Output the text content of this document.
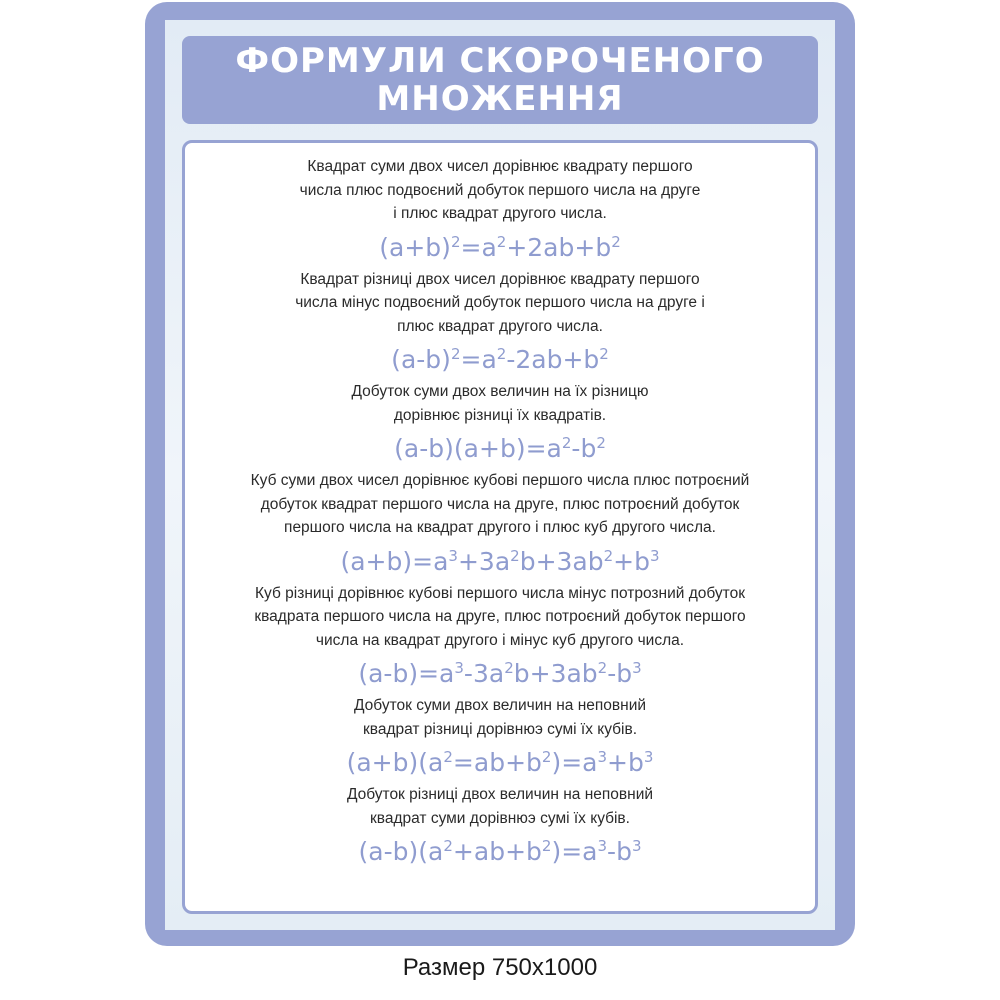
ФОРМУЛИ СКОРОЧЕНОГО
МНОЖЕННЯ
Квадрат суми двох чисел дорівнює квадрату першого
числа плюс подвоєний добуток першого числа на друге
і плюс квадрат другого числа.
$(a+b)^2=a^2+2ab+b^2$
Квадрат різниці двох чисел дорівнює квадрату першого
числа мінус подвоєний добуток першого числа на друге і
плюс квадрат другого числа.
$(a-b)^2=a^2-2ab+b^2$
Добуток суми двох величин на їх різницю
дорівнює різниці їх квадратів.
$(a-b)(a+b)=a^2-b^2$
Куб суми двох чисел дорівнює кубові першого числа плюс потроєний
добуток квадрат першого числа на друге, плюс потроєний добуток
першого числа на квадрат другого і плюс куб другого числа.
$(a+b)=a^3+3a^2b+3ab^2+b^3$
Куб різниці дорівнює кубові першого числа мінус потрозний добуток
квадрата першого числа на друге, плюс потроєний добуток першого
числа на квадрат другого і мінус куб другого числа.
$(a-b)=a^3-3a^2b+3ab^2-b^3$
Добуток суми двох величин на неповний
квадрат різниці дорівнюэ сумі їх кубів.
$(a+b)(a^2=ab+b^2)=a^3+b^3$
Добуток різниці двох величин на неповний
квадрат суми дорівнюэ сумі їх кубів.
$(a-b)(a^2+ab+b^2)=a^3-b^3$
Размер 750x1000
